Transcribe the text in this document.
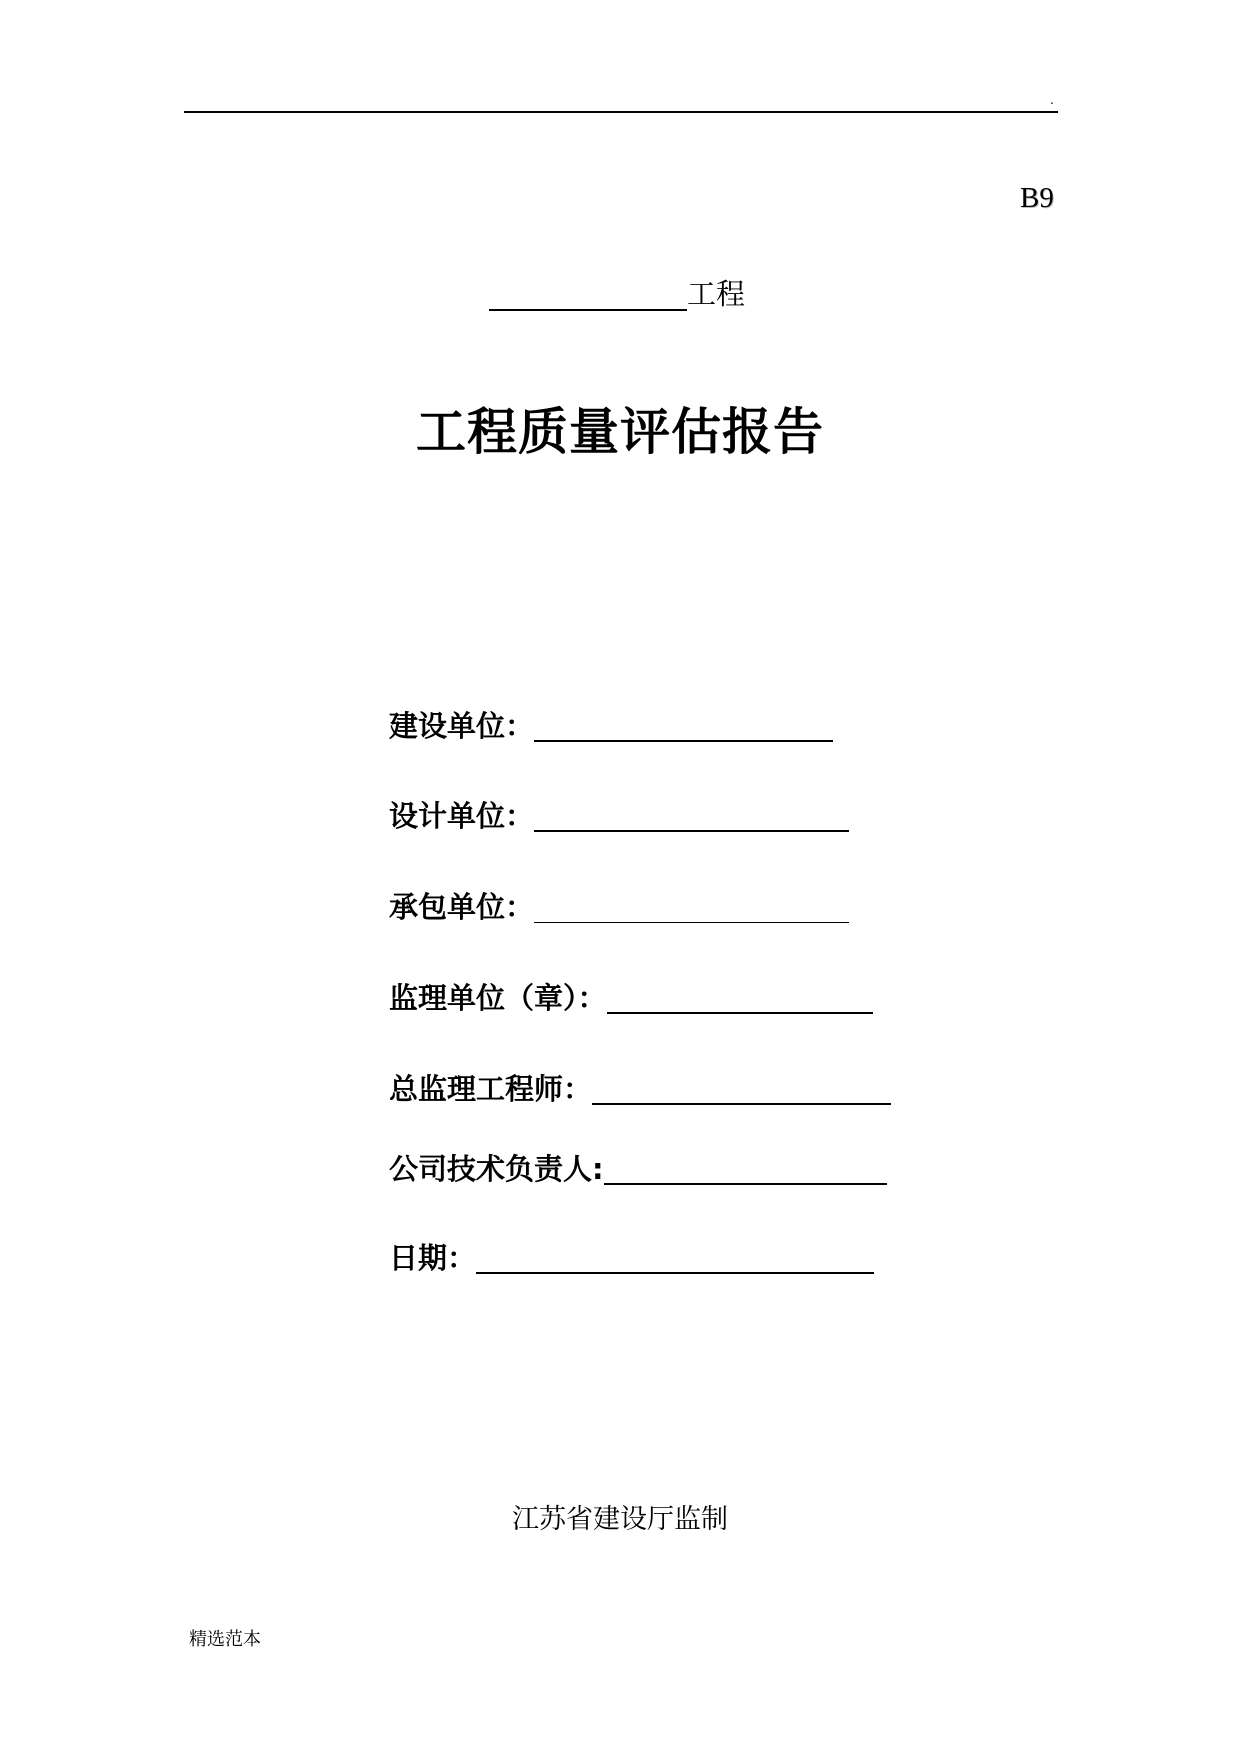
.
B9
工程
工程质量评估报告
建设单位：
设计单位：
承包单位：
监理单位（章）：
总监理工程师：
公司技术负责人:
日期：
江苏省建设厅监制
精选范本
